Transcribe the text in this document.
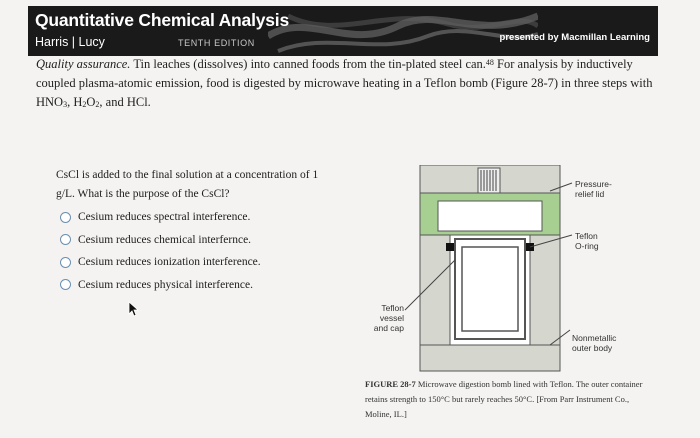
Quantitative Chemical Analysis
Harris | Lucy	TENTH EDITION	presented by Macmillan Learning
Quality assurance. Tin leaches (dissolves) into canned foods from the tin-plated steel can.$^{48}$ For analysis by inductively coupled plasma-atomic emission, food is digested by microwave heating in a Teflon bomb (Figure 28-7) in three steps with $HNO_3$, $H_2O_2$, and HCl.
CsCl is added to the final solution at a concentration of 1 g/L. What is the purpose of the CsCl?
Cesium reduces spectral interference.
Cesium reduces chemical interfernce.
Cesium reduces ionization interference.
Cesium reduces physical interference.
Pressure-
relief lid
Teflon
O-ring
Teflon
vessel
and cap
Nonmetallic
outer body
FIGURE 28-7 Microwave digestion bomb lined with Teflon. The outer container retains strength to 150°C but rarely reaches 50°C. [From Parr Instrument Co., Moline, IL.]
